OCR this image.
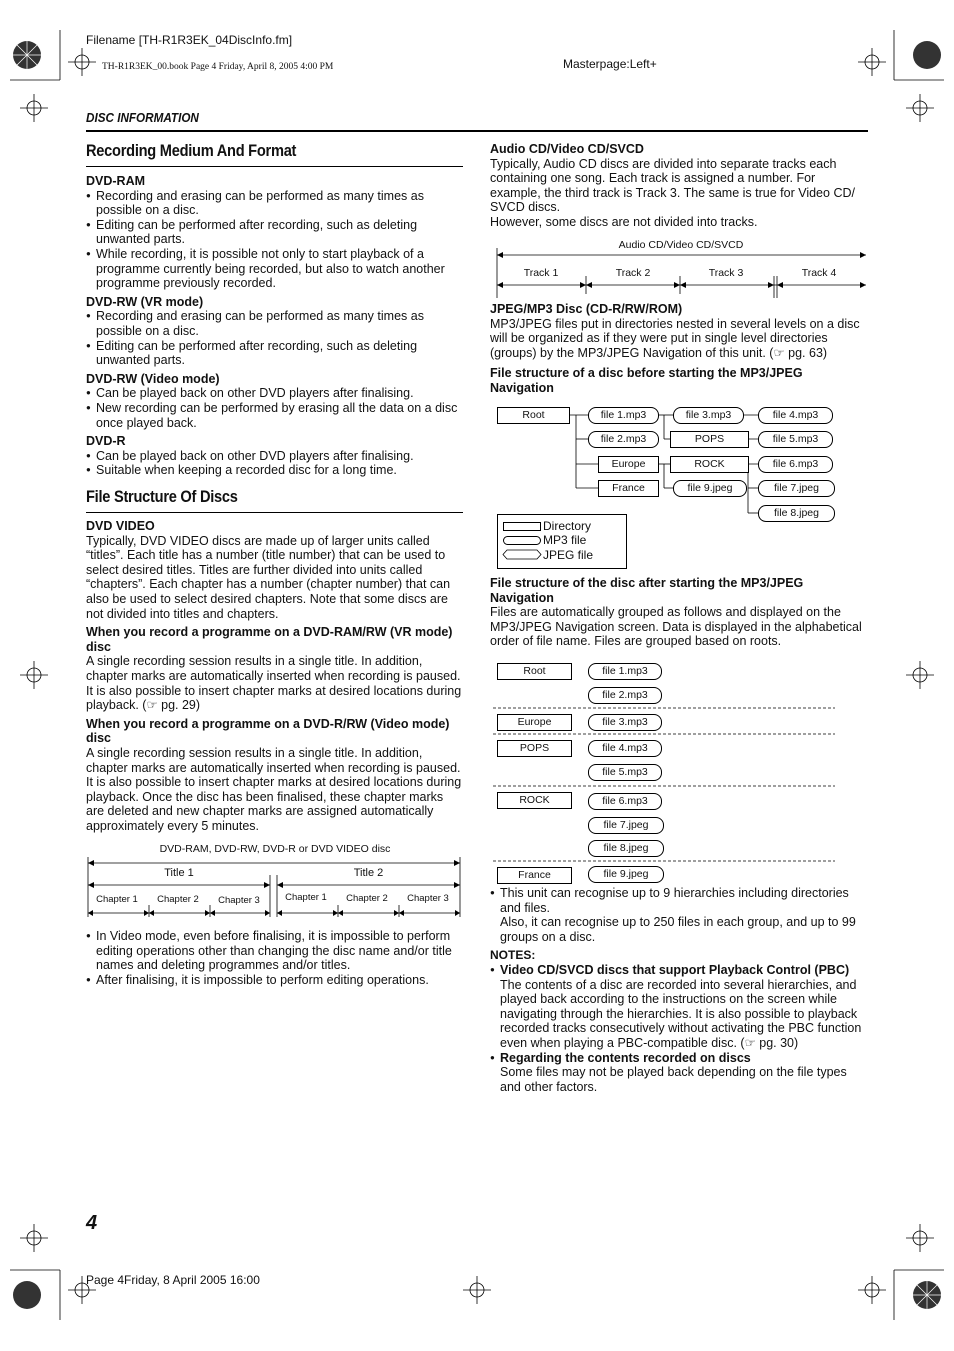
Filename [TH-R1R3EK_04DiscInfo.fm]
TH-R1R3EK_00.book Page 4 Friday, April 8, 2005 4:00 PM	Masterpage:Left+
DISC INFORMATION
Recording Medium And Format

DVD-RAM

● Recording and erasing can be performed as many times as possible on a disc.

● Editing can be performed after recording, such as deleting unwanted parts.

● While recording, it is possible not only to start playback of a programme currently being recorded, but also to watch another programme previously recorded.

DVD-RW (VR mode)

● Recording and erasing can be performed as many times as possible on a disc.

● Editing can be performed after recording, such as deleting unwanted parts.

DVD-RW (Video mode)

● Can be played back on other DVD players after finalising.

● New recording can be performed by erasing all the data on a disc once played back.

DVD-R

● Can be played back on other DVD players after finalising.

● Suitable when keeping a recorded disc for a long time.

File Structure Of Discs

DVD VIDEO

Typically, DVD VIDEO discs are made up of larger units called “titles”. Each title has a number (title number) that can be used to select desired titles. Titles are further divided into units called “chapters”. Each chapter has a number (chapter number) that can also be used to select desired chapters. Note that some discs are not divided into titles and chapters.

When you record a programme on a DVD-RAM/RW (VR mode) disc

A single recording session results in a single title. In addition, chapter marks are automatically inserted when recording is paused. It is also possible to insert chapter marks at desired locations during playback. (☞ pg. 29)

When you record a programme on a DVD-R/RW (Video mode) disc

A single recording session results in a single title. In addition, chapter marks are automatically inserted when recording is paused. It is also possible to insert chapter marks at desired locations during playback. Once the disc has been finalised, these chapter marks are deleted and new chapter marks are assigned automatically approximately every 5 minutes.

DVD-RAM, DVD-RW, DVD-R or DVD VIDEO disc
Title 1	Title 2
Chapter 1	Chapter 2	Chapter 3	Chapter 1	Chapter 2	Chapter 3

● In Video mode, even before finalising, it is impossible to perform editing operations other than changing the disc name and/or title names and deleting programmes and/or titles.

● After finalising, it is impossible to perform editing operations.

Audio CD/Video CD/SVCD

Typically, Audio CD discs are divided into separate tracks each containing one song. Each track is assigned a number. For example, the third track is Track 3. The same is true for Video CD/ SVCD discs.

However, some discs are not divided into tracks.

Audio CD/Video CD/SVCD
Track 1	Track 2	Track 3	Track 4

JPEG/MP3 Disc (CD-R/RW/ROM)

MP3/JPEG files put in directories nested in several levels on a disc will be organized as if they were put in single level directories (groups) by the MP3/JPEG Navigation of this unit. (☞ pg. 63)

File structure of a disc before starting the MP3/JPEG Navigation

Root	file 1.mp3
file 2.mp3
Europe
France
file 3.mp3
POPS
ROCK
file 9.jpeg
file 4.mp3
file 5.mp3
file 6.mp3
file 7.jpeg
file 8.jpeg
Directory
MP3 file
JPEG file

File structure of the disc after starting the MP3/JPEG Navigation

Files are automatically grouped as follows and displayed on the MP3/JPEG Navigation screen. Data is displayed in the alphabetical order of file name. Files are grouped based on roots.

Root	file 1.mp3
file 2.mp3
Europe	file 3.mp3
POPS	file 4.mp3
file 5.mp3
ROCK	file 6.mp3
file 7.jpeg
file 8.jpeg
France	file 9.jpeg

● This unit can recognise up to 9 hierarchies including directories and files.

Also, it can recognise up to 250 files in each group, and up to 99 groups on a disc.

NOTES:

● Video CD/SVCD discs that support Playback Control (PBC)

The contents of a disc are recorded into several hierarchies, and played back according to the instructions on the screen while navigating through the hierarchies. It is also possible to playback recorded tracks consecutively without activating the PBC function even when playing a PBC-compatible disc. (☞ pg. 30)

● Regarding the contents recorded on discs

Some files may not be played back depending on the file types and other factors.

4
Page 4Friday, 8 April 2005 16:00
